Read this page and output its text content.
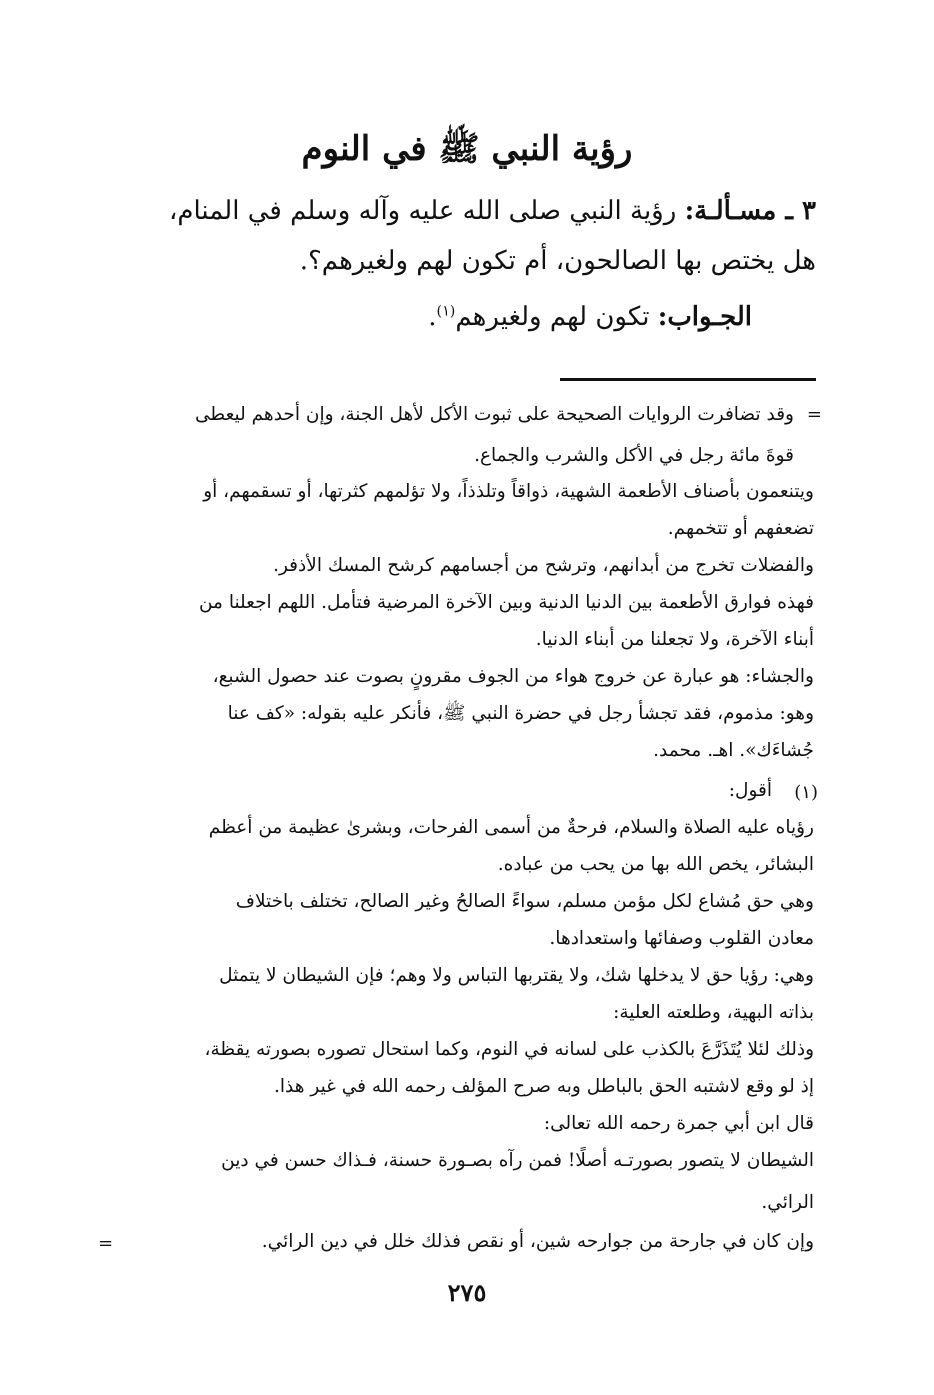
رؤية النبي ﷺ في النوم
٣ ـ مسـألـة: رؤية النبي صلى الله عليه وآله وسلم في المنام،
هل يختص بها الصالحون، أم تكون لهم ولغيرهم؟.
الجـواب: تكون لهم ولغيرهم$^{(١)}$.
=
وقد تضافرت الروايات الصحيحة على ثبوت الأكل لأهل الجنة، وإن أحدهم ليعطى
قوةَ مائة رجل في الأكل والشرب والجماع.
ويتنعمون بأصناف الأطعمة الشهية، ذواقاً وتلذذاً، ولا تؤلمهم كثرتها، أو تسقمهم، أو
تضعفهم أو تتخمهم.
والفضلات تخرج من أبدانهم، وترشح من أجسامهم كرشح المسك الأذفر.
فهذه فوارق الأطعمة بين الدنيا الدنية وبين الآخرة المرضية فتأمل. اللهم اجعلنا من
أبناء الآخرة، ولا تجعلنا من أبناء الدنيا.
والجشاء: هو عبارة عن خروج هواء من الجوف مقرونٍ بصوت عند حصول الشبع،
وهو: مذموم، فقد تجشأ رجل في حضرة النبي ﷺ، فأنكر عليه بقوله: «كف عنا
جُشاءَك». اهـ. محمد.
(١)
أقول:
رؤياه عليه الصلاة والسلام، فرحةٌ من أسمى الفرحات، وبشرىٰ عظيمة من أعظم
البشائر، يخص الله بها من يحب من عباده.
وهي حق مُشاع لكل مؤمن مسلم، سواءً الصالحُ وغير الصالح، تختلف باختلاف
معادن القلوب وصفائها واستعدادها.
وهي: رؤيا حق لا يدخلها شك، ولا يقتربها التباس ولا وهم؛ فإن الشيطان لا يتمثل
بذاته البهية، وطلعته العلية:
وذلك لئلا يُتَذَرَّعَ بالكذب على لسانه في النوم، وكما استحال تصوره بصورته يقظة،
إذ لو وقع لاشتبه الحق بالباطل وبه صرح المؤلف رحمه الله في غير هذا.
قال ابن أبي جمرة رحمه الله تعالى:
الشيطان لا يتصور بصورتـه أصلًا! فمن رآه بصـورة حسنة، فـذاك حسن في دين
الرائي.
وإن كان في جارحة من جوارحه شين، أو نقص فذلك خلل في دين الرائي.
=
٢٧٥
